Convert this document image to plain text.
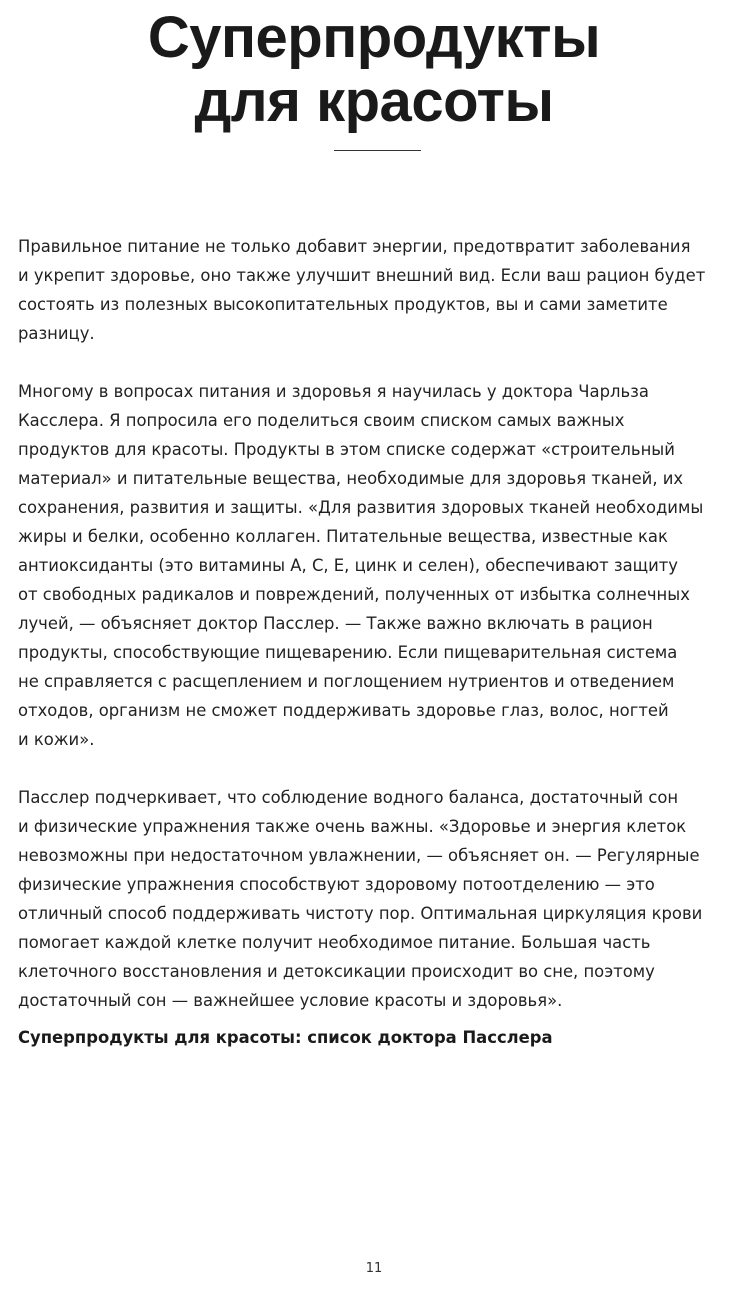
Суперпродукты
для красоты

Правильное питание не только добавит энергии, предотвратит заболевания
и укрепит здоровье, оно также улучшит внешний вид. Если ваш рацион будет
состоять из полезных высокопитательных продуктов, вы и сами заметите
разницу.

Многому в вопросах питания и здоровья я научилась у доктора Чарльза
Касслера. Я попросила его поделиться своим списком самых важных
продуктов для красоты. Продукты в этом списке содержат «строительный
материал» и питательные вещества, необходимые для здоровья тканей, их
сохранения, развития и защиты. «Для развития здоровых тканей необходимы
жиры и белки, особенно коллаген. Питательные вещества, известные как
антиоксиданты (это витамины А, С, Е, цинк и селен), обеспечивают защиту
от свободных радикалов и повреждений, полученных от избытка солнечных
лучей, — объясняет доктор Пасслер. — Также важно включать в рацион
продукты, способствующие пищеварению. Если пищеварительная система
не справляется с расщеплением и поглощением нутриентов и отведением
отходов, организм не сможет поддерживать здоровье глаз, волос, ногтей
и кожи».

Пасслер подчеркивает, что соблюдение водного баланса, достаточный сон
и физические упражнения также очень важны. «Здоровье и энергия клеток
невозможны при недостаточном увлажнении, — объясняет он. — Регулярные
физические упражнения способствуют здоровому потоотделению — это
отличный способ поддерживать чистоту пор. Оптимальная циркуляция крови
помогает каждой клетке получит необходимое питание. Большая часть
клеточного восстановления и детоксикации происходит во сне, поэтому
достаточный сон — важнейшее условие красоты и здоровья».

Суперпродукты для красоты: список доктора Пасслера
11
